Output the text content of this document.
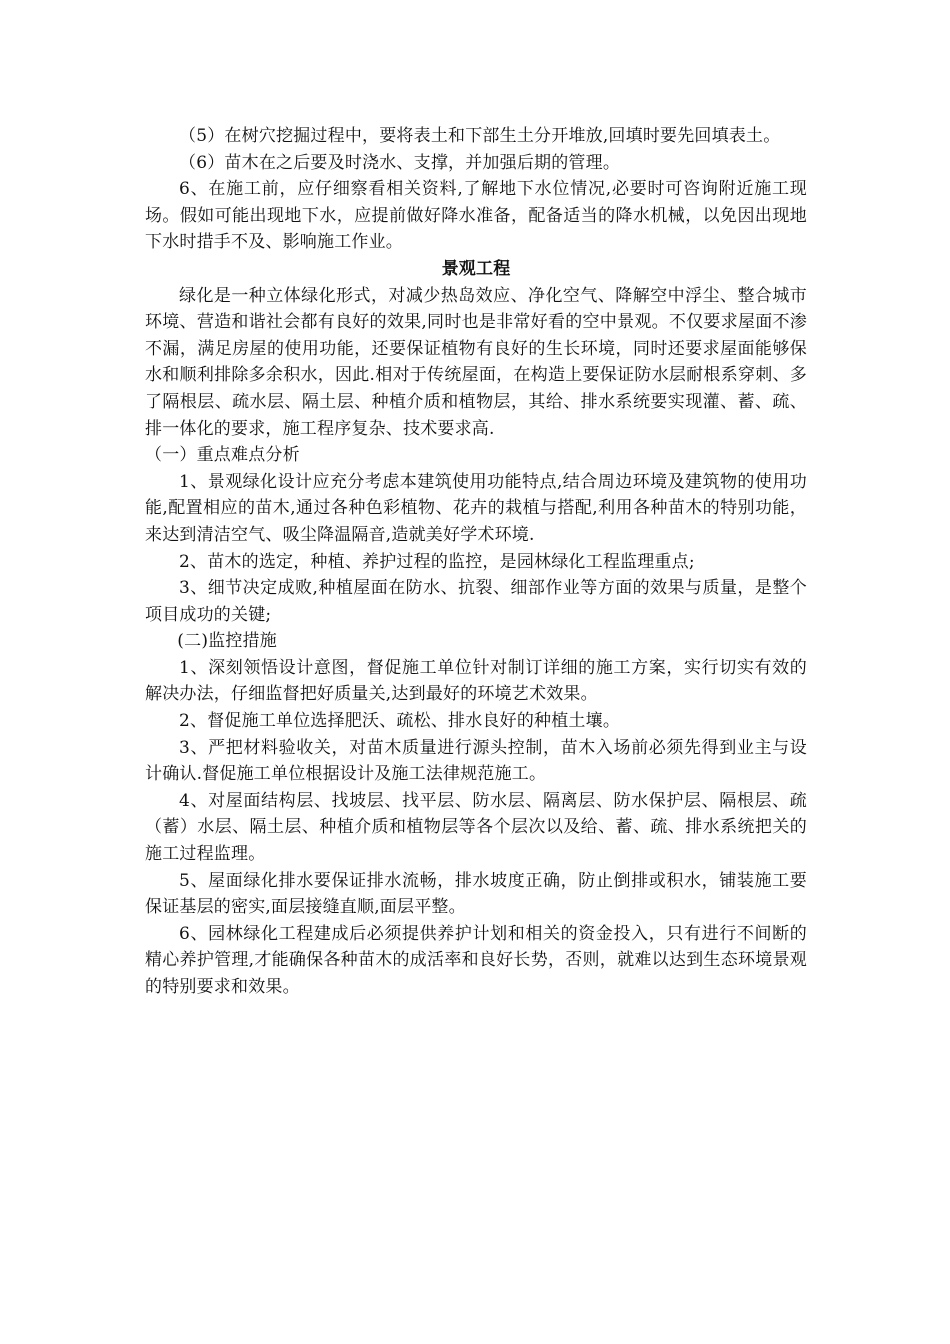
（5）在树穴挖掘过程中，要将表土和下部生土分开堆放,回填时要先回填表土。

（6）苗木在之后要及时浇水、支撑，并加强后期的管理。

6、在施工前，应仔细察看相关资料,了解地下水位情况,必要时可咨询附近施工现场。假如可能出现地下水，应提前做好降水准备，配备适当的降水机械，以免因出现地下水时措手不及、影响施工作业。

景观工程

绿化是一种立体绿化形式，对减少热岛效应、净化空气、降解空中浮尘、整合城市环境、营造和谐社会都有良好的效果,同时也是非常好看的空中景观。不仅要求屋面不渗不漏，满足房屋的使用功能，还要保证植物有良好的生长环境，同时还要求屋面能够保水和顺利排除多余积水，因此.相对于传统屋面，在构造上要保证防水层耐根系穿刺、多了隔根层、疏水层、隔土层、种植介质和植物层，其给、排水系统要实现灌、蓄、疏、排一体化的要求，施工程序复杂、技术要求高.

（一）重点难点分析

1、景观绿化设计应充分考虑本建筑使用功能特点,结合周边环境及建筑物的使用功能,配置相应的苗木,通过各种色彩植物、花卉的栽植与搭配,利用各种苗木的特别功能，来达到清洁空气、吸尘降温隔音,造就美好学术环境.

2、苗木的选定，种植、养护过程的监控，是园林绿化工程监理重点;

3、细节决定成败,种植屋面在防水、抗裂、细部作业等方面的效果与质量，是整个项目成功的关键;

(二)监控措施

1、深刻领悟设计意图，督促施工单位针对制订详细的施工方案，实行切实有效的解决办法，仔细监督把好质量关,达到最好的环境艺术效果。

2、督促施工单位选择肥沃、疏松、排水良好的种植土壤。

3、严把材料验收关，对苗木质量进行源头控制，苗木入场前必须先得到业主与设计确认.督促施工单位根据设计及施工法律规范施工。

4、对屋面结构层、找坡层、找平层、防水层、隔离层、防水保护层、隔根层、疏（蓄）水层、隔土层、种植介质和植物层等各个层次以及给、蓄、疏、排水系统把关的施工过程监理。

5、屋面绿化排水要保证排水流畅，排水坡度正确，防止倒排或积水，铺装施工要保证基层的密实,面层接缝直顺,面层平整。

6、园林绿化工程建成后必须提供养护计划和相关的资金投入，只有进行不间断的精心养护管理,才能确保各种苗木的成活率和良好长势，否则，就难以达到生态环境景观的特别要求和效果。
